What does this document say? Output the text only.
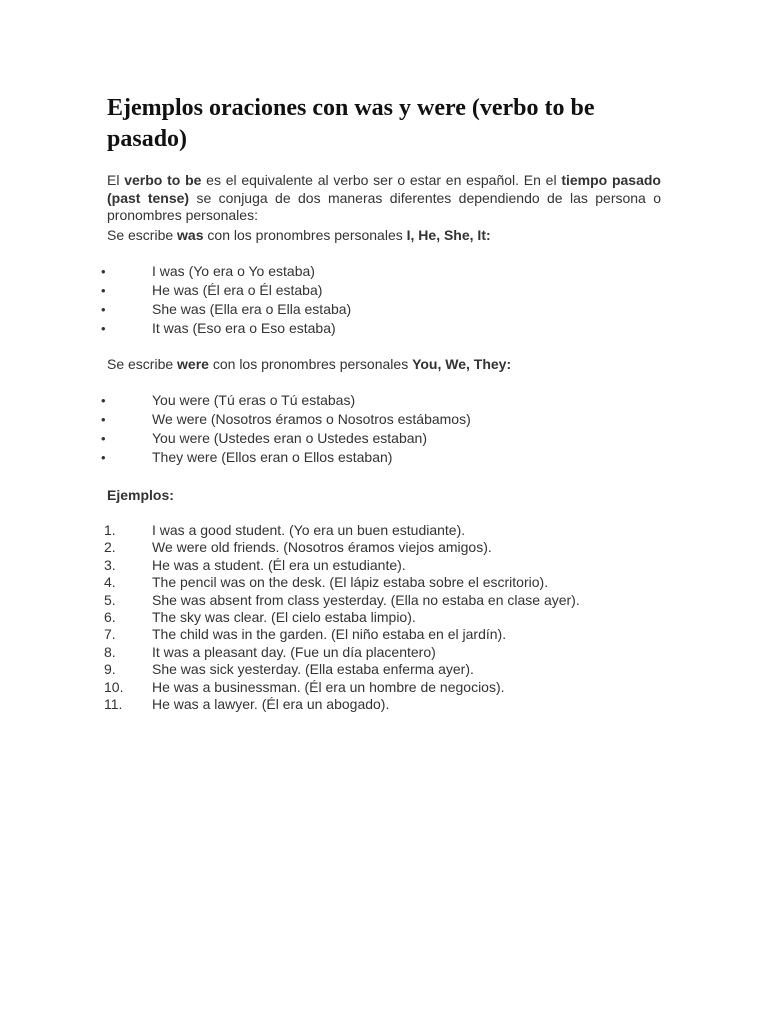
Ejemplos oraciones con was y were (verbo to be pasado)

El verbo to be es el equivalente al verbo ser o estar en español. En el tiempo pasado (past tense) se conjuga de dos maneras diferentes dependiendo de las persona o pronombres personales:

Se escribe was con los pronombres personales I, He, She, It:

•	I was (Yo era o Yo estaba)
•	He was (Él era o Él estaba)
•	She was (Ella era o Ella estaba)
•	It was (Eso era o Eso estaba)

Se escribe were con los pronombres personales You, We, They:

•	You were (Tú eras o Tú estabas)
•	We were (Nosotros éramos o Nosotros estábamos)
•	You were (Ustedes eran o Ustedes estaban)
•	They were (Ellos eran o Ellos estaban)

Ejemplos:

1.	I was a good student. (Yo era un buen estudiante).
2.	We were old friends. (Nosotros éramos viejos amigos).
3.	He was a student. (Él era un estudiante).
4.	The pencil was on the desk. (El lápiz estaba sobre el escritorio).
5.	She was absent from class yesterday. (Ella no estaba en clase ayer).
6.	The sky was clear. (El cielo estaba limpio).
7.	The child was in the garden. (El niño estaba en el jardín).
8.	It was a pleasant day. (Fue un día placentero)
9.	She was sick yesterday. (Ella estaba enferma ayer).
10. He was a businessman. (Él era un hombre de negocios).
11. He was a lawyer. (Él era un abogado).
